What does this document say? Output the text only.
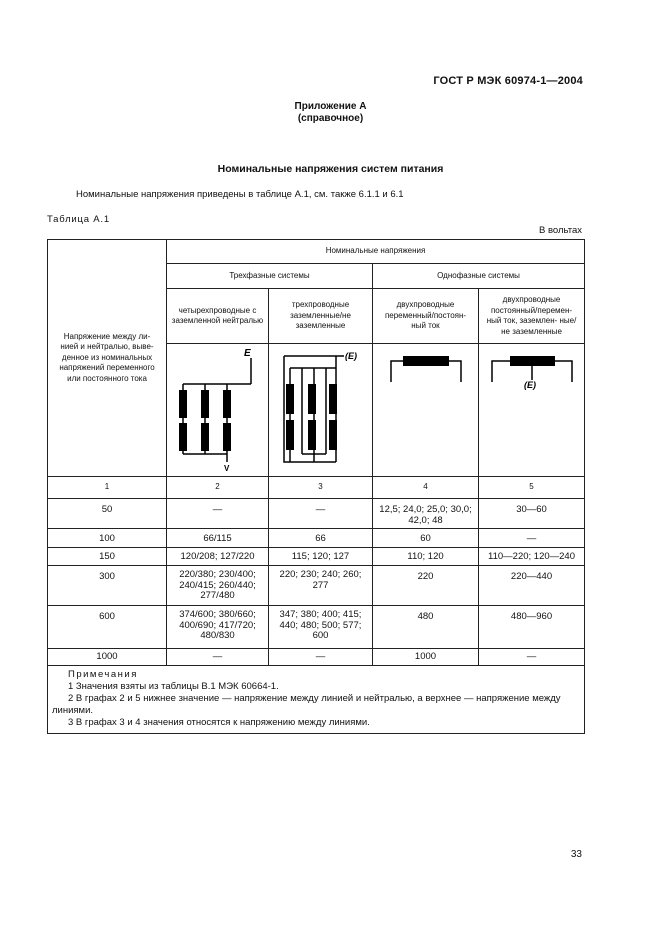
ГОСТ Р МЭК 60974-1—2004
Приложение А
(справочное)
Номинальные напряжения систем питания
Номинальные напряжения приведены в таблице А.1, см. также 6.1.1 и 6.1
Таблица А.1
В вольтах
Напряжение между ли- нией и нейтралью, выве- денное из номинальных напряжений переменного или постоянного тока	Номинальные напряжения			
	Трехфазные системы		Однофазные системы	
	четырехпроводные с заземленной нейтралью	трехпроводные заземленные/не заземленные	двухпроводные переменный/постоян- ный ток	двухпроводные постоянный/перемен- ный ток, заземлен- ные/не заземленные

E
V	(E)		(E)

1	2	3	4	5
50	—	—	12,5; 24,0; 25,0; 30,0; 42,0; 48	30—60
100	66/115	66	60	—
150	120/208; 127/220	115; 120; 127	110; 120	110—220; 120—240
300	220/380; 230/400; 240/415; 260/440; 277/480	220; 230; 240; 260; 277	220	220—440
600	374/600; 380/660; 400/690; 417/720; 480/830	347; 380; 400; 415; 440; 480; 500; 577; 600	480	480—960
1000	—	—	1000	—

Примечания
1 Значения взяты из таблицы В.1 МЭК 60664-1.
2 В графах 2 и 5 нижнее значение — напряжение между линией и нейтралью, а верхнее — напряжение между
линиями.
3 В графах 3 и 4 значения относятся к напряжению между линиями.				
33
